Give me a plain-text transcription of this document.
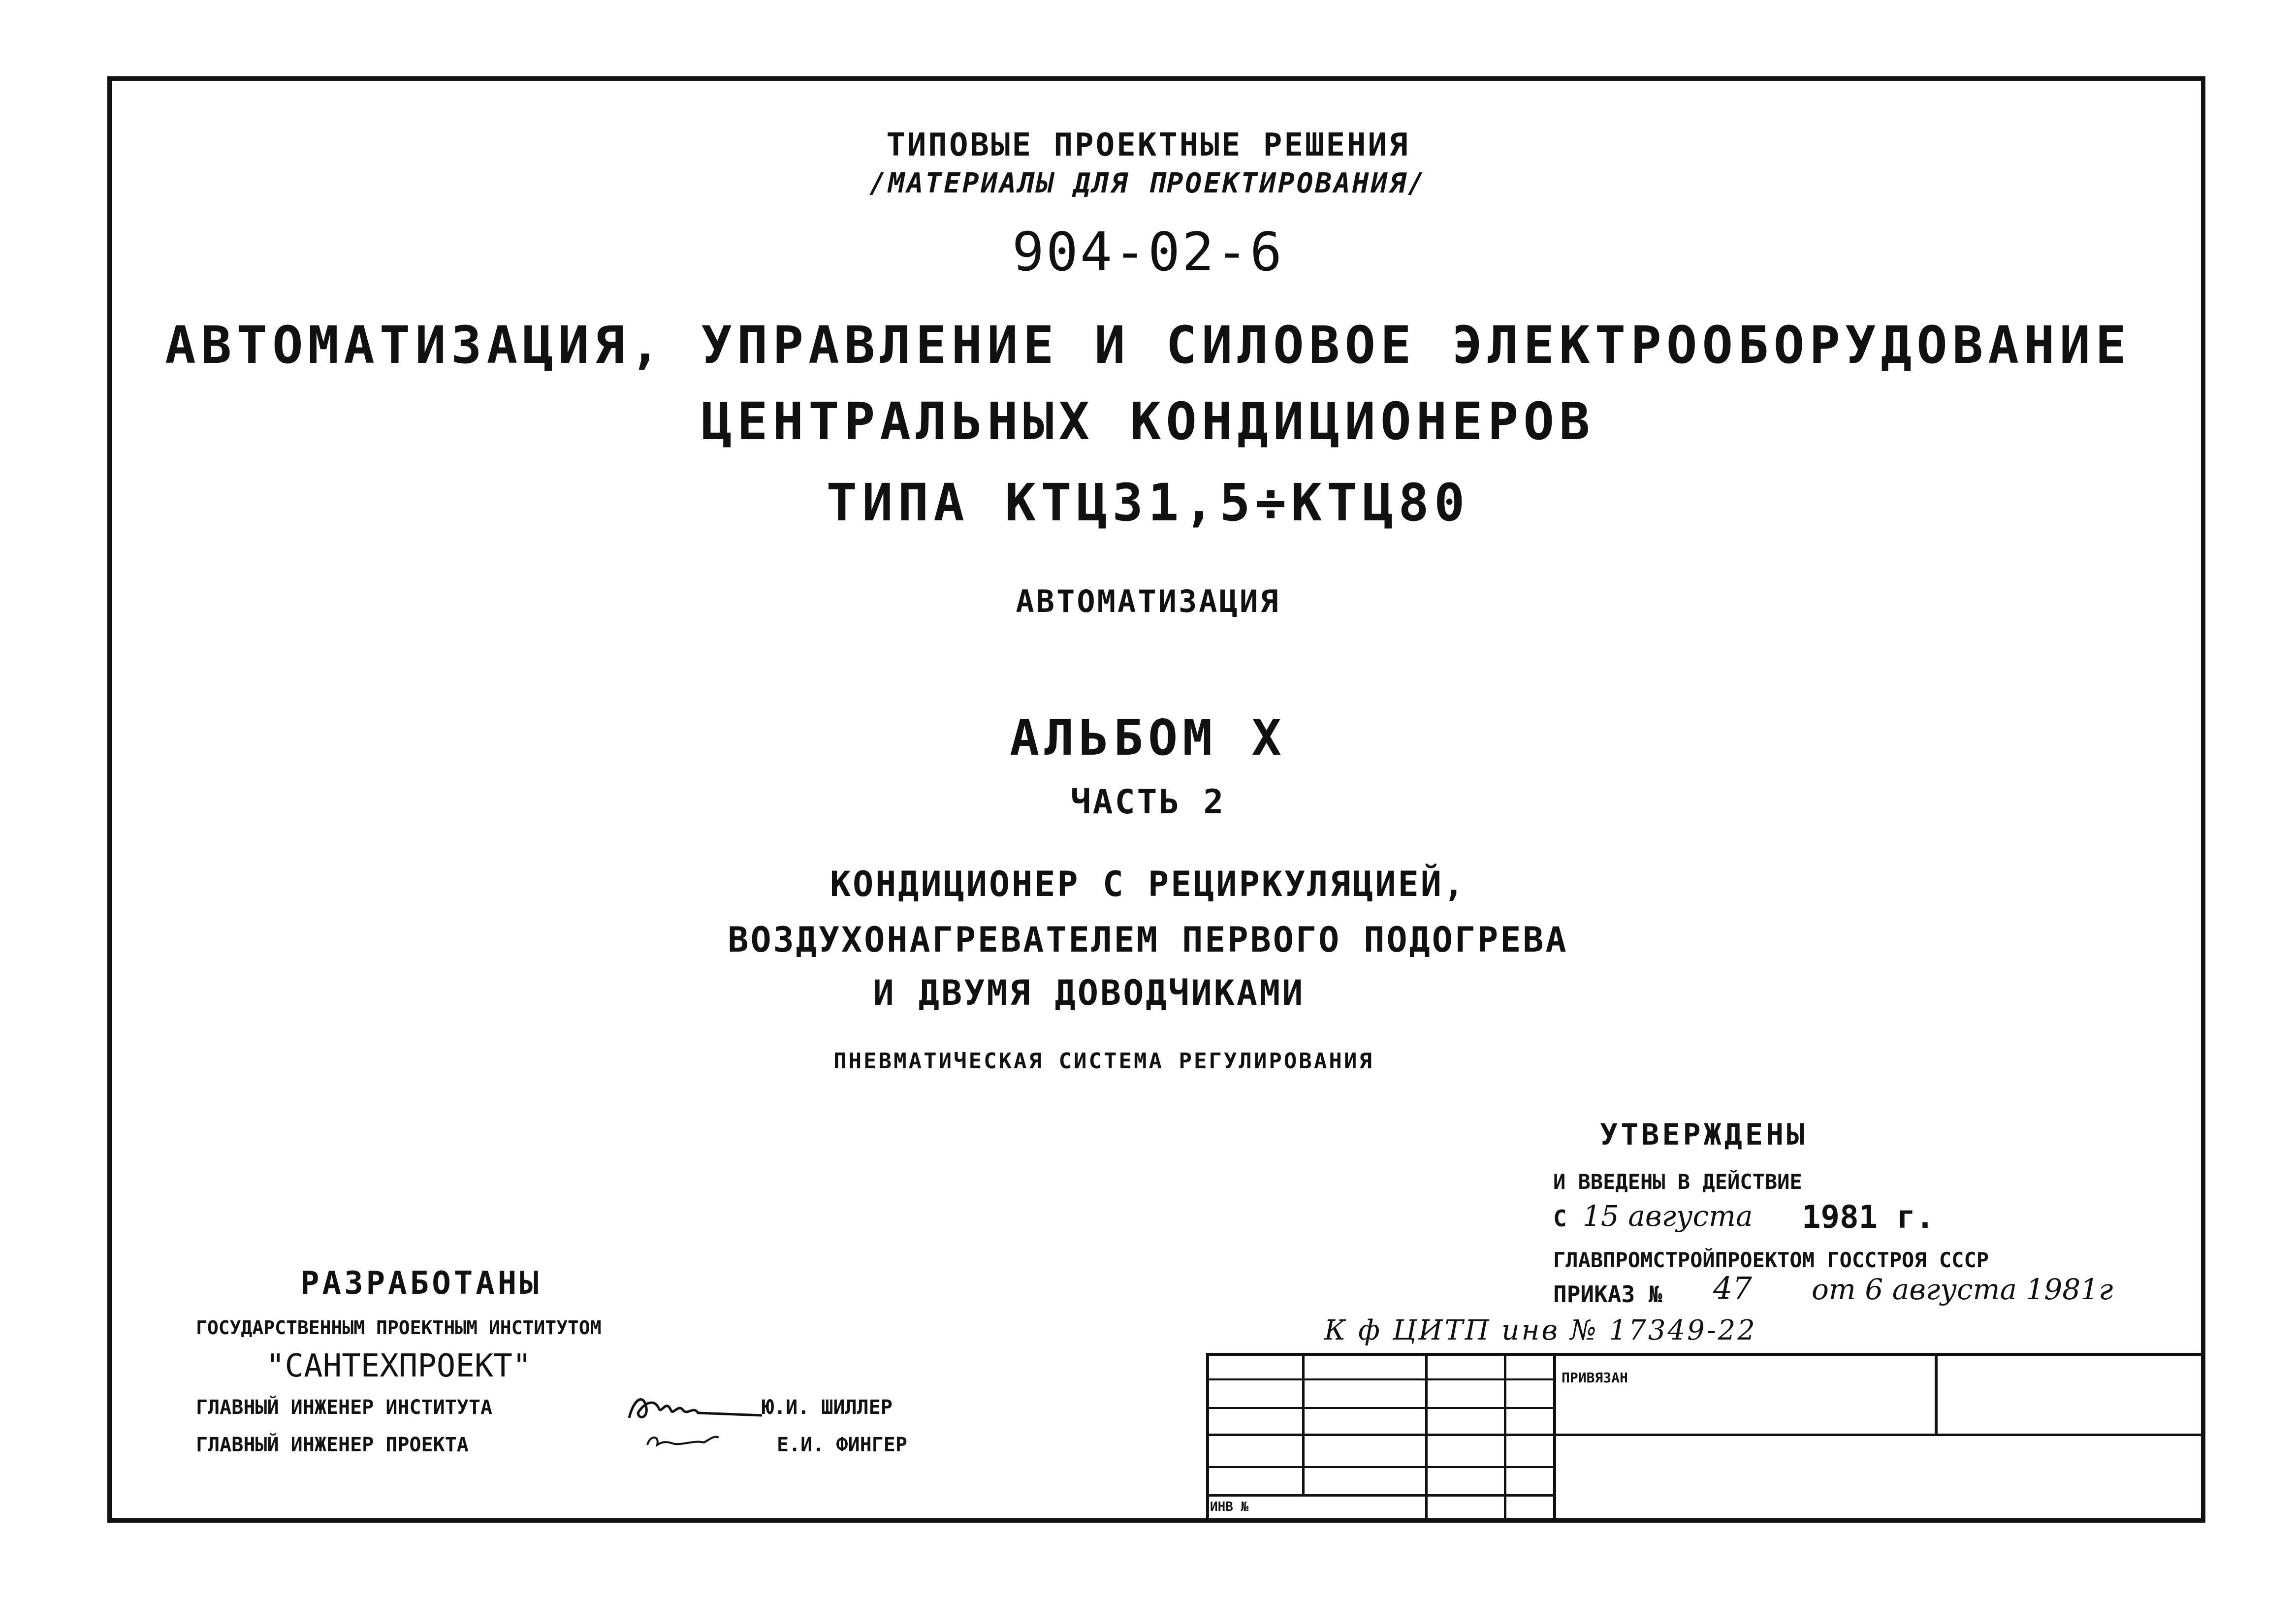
ТИПОВЫЕ ПРОЕКТНЫЕ РЕШЕНИЯ
/МАТЕРИАЛЫ ДЛЯ ПРОЕКТИРОВАНИЯ/
904-02-6
АВТОМАТИЗАЦИЯ, УПРАВЛЕНИЕ И СИЛОВОЕ ЭЛЕКТРООБОРУДОВАНИЕ
ЦЕНТРАЛЬНЫХ КОНДИЦИОНЕРОВ
ТИПА КТЦ31,5÷КТЦ80
АВТОМАТИЗАЦИЯ
АЛЬБОМ X
ЧАСТЬ 2
КОНДИЦИОНЕР С РЕЦИРКУЛЯЦИЕЙ,
ВОЗДУХОНАГРЕВАТЕЛЕМ ПЕРВОГО ПОДОГРЕВА
И ДВУМЯ ДОВОДЧИКАМИ
ПНЕВМАТИЧЕСКАЯ СИСТЕМА РЕГУЛИРОВАНИЯ
УТВЕРЖДЕНЫ
И ВВЕДЕНЫ В ДЕЙСТВИЕ
С 15 августа 1981 г.
ГЛАВПРОМСТРОЙПРОЕКТОМ ГОССТРОЯ СССР
ПРИКАЗ № 47 от 6 августа 1981г
РАЗРАБОТАНЫ
ГОСУДАРСТВЕННЫМ ПРОЕКТНЫМ ИНСТИТУТОМ
"САНТЕХПРОЕКТ"
ГЛАВНЫЙ ИНЖЕНЕР ИНСТИТУТА	Ю.И. ШИЛЛЕР
ГЛАВНЫЙ ИНЖЕНЕР ПРОЕКТА	Е.И. ФИНГЕР
К ф ЦИТП инв № 17349-22
ПРИВЯЗАН
ИНВ №
